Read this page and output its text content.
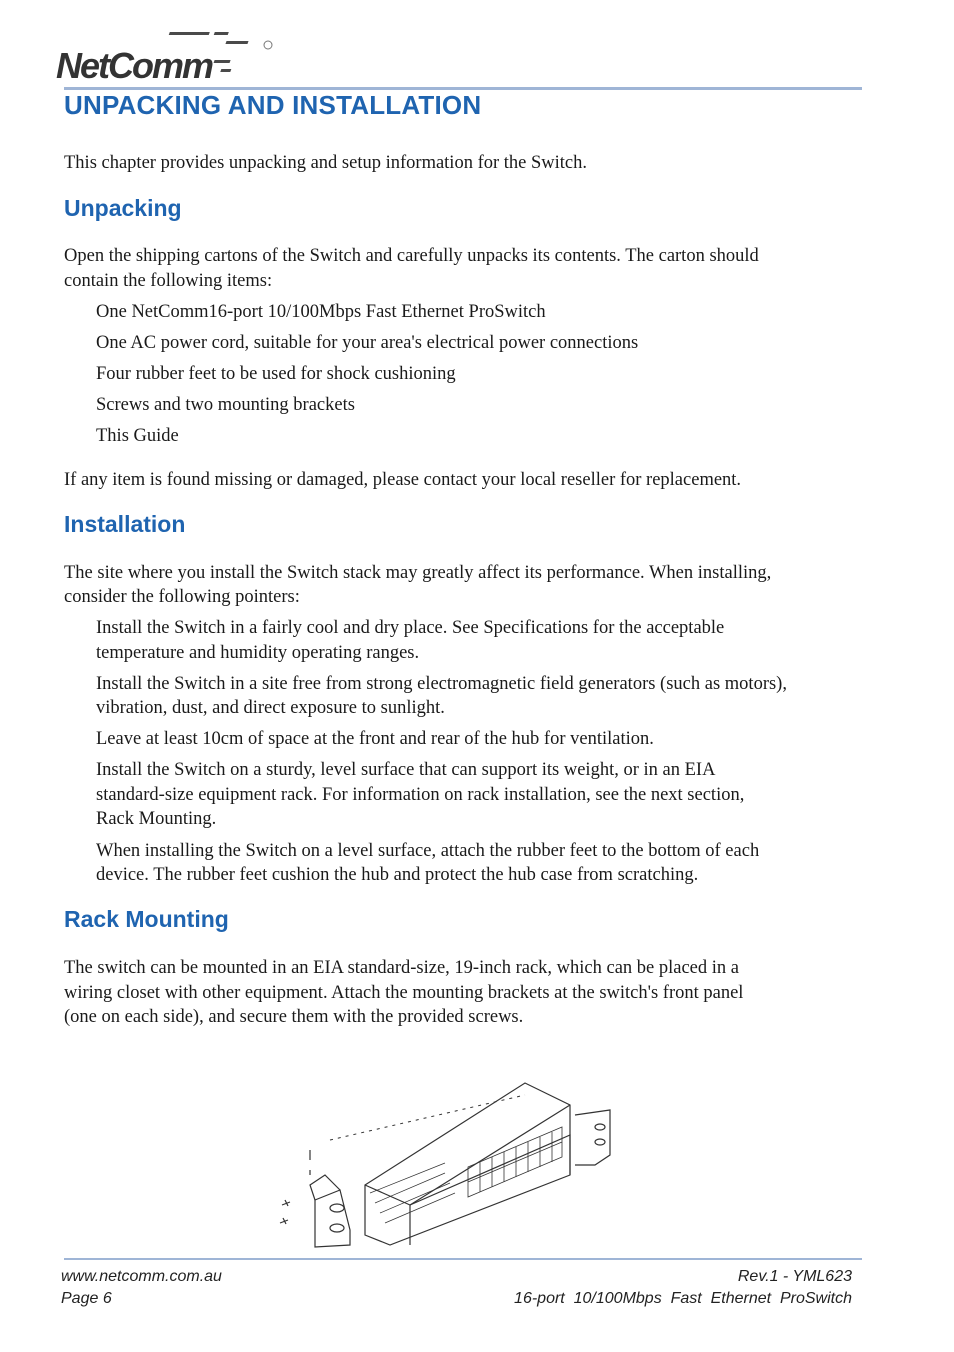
NetComm
UNPACKING AND INSTALLATION

This chapter provides unpacking and setup information for the Switch.

Unpacking

Open the shipping cartons of the Switch and carefully unpacks its contents. The carton should

contain the following items:

One NetComm16-port 10/100Mbps Fast Ethernet ProSwitch

One AC power cord, suitable for your area's electrical power connections

Four rubber feet to be used for shock cushioning

Screws and two mounting brackets

This Guide

If any item is found missing or damaged, please contact your local reseller for replacement.

Installation

The site where you install the Switch stack may greatly affect its performance. When installing,

consider the following pointers:

Install the Switch in a fairly cool and dry place. See Specifications for the acceptable

temperature and humidity operating ranges.

Install the Switch in a site free from strong electromagnetic field generators (such as motors),

vibration, dust, and direct exposure to sunlight.

Leave at least 10cm of space at the front and rear of the hub for ventilation.

Install the Switch on a sturdy, level surface that can support its weight, or in an EIA

standard-size equipment rack. For information on rack installation, see the next section,

Rack Mounting.

When installing the Switch on a level surface, attach the rubber feet to the bottom of each

device. The rubber feet cushion the hub and protect the hub case from scratching.

Rack Mounting

The switch can be mounted in an EIA standard-size, 19-inch rack, which can be placed in a

wiring closet with other equipment. Attach the mounting brackets at the switch's front panel

(one on each side), and secure them with the provided screws.

www.netcomm.com.au

Page 6

Rev.1 - YML623

16-port  10/100Mbps  Fast  Ethernet  ProSwitch
